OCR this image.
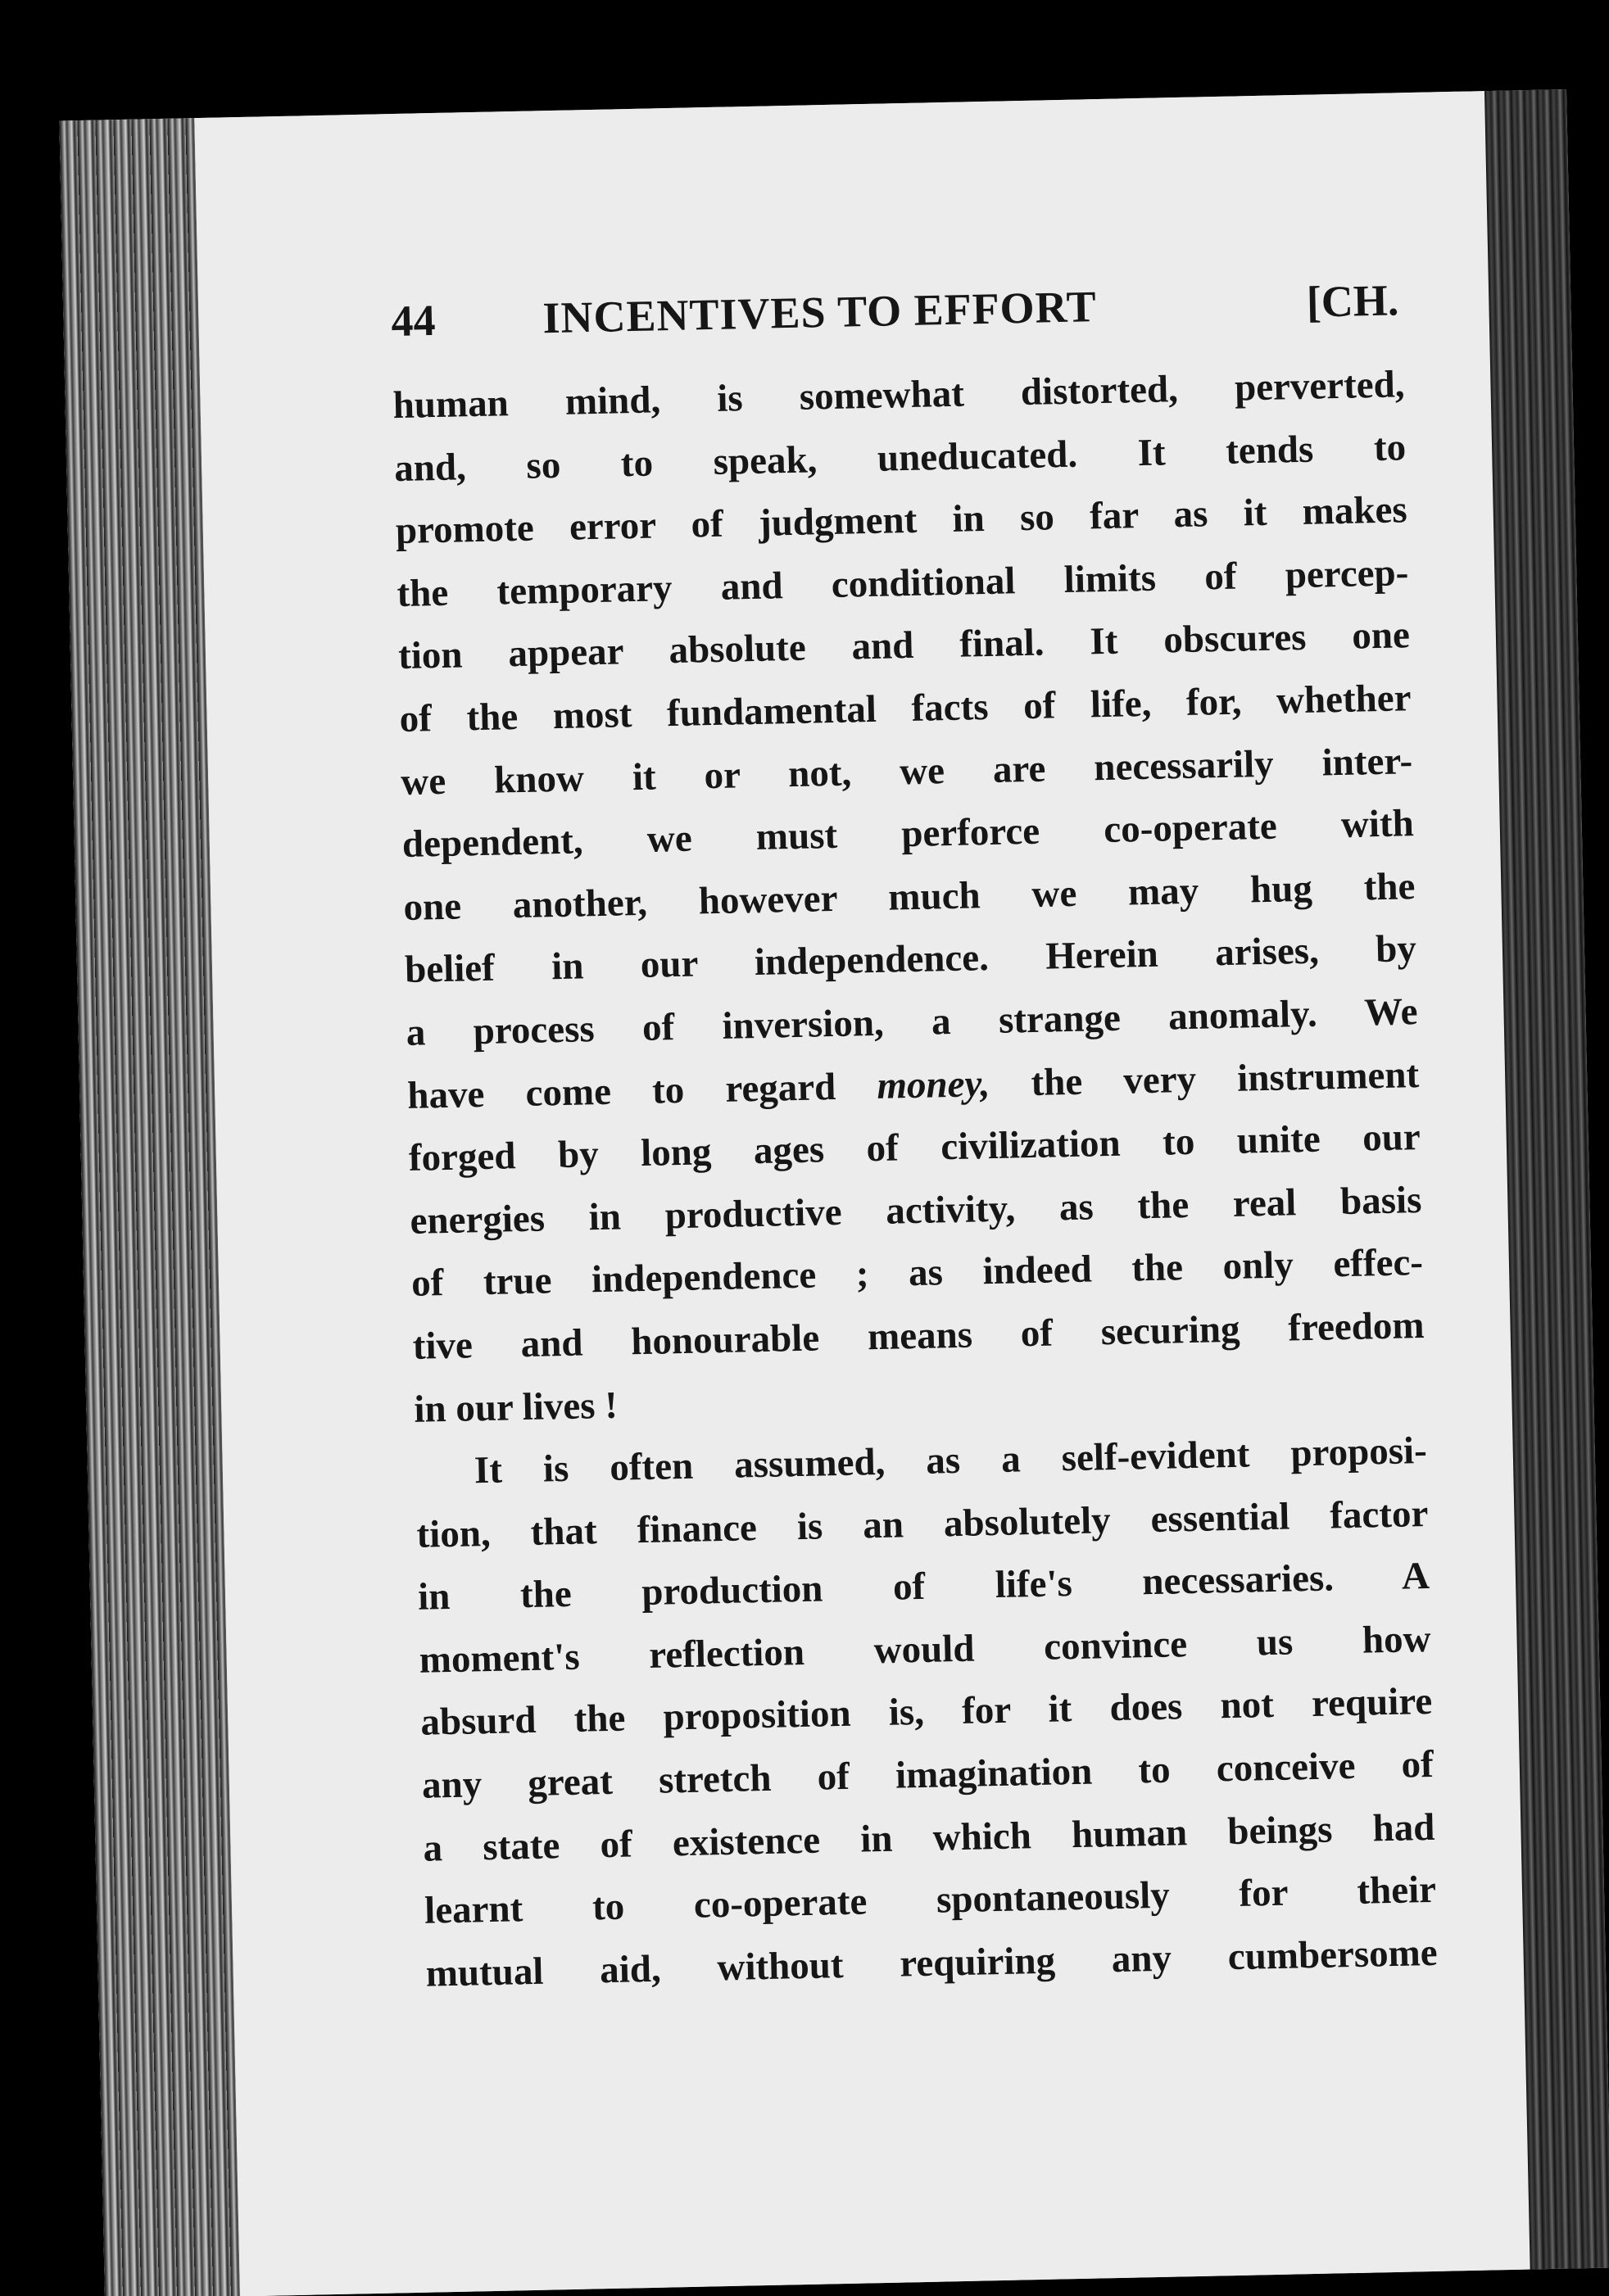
44 INCENTIVES TO EFFORT	[CH.
human mind, is somewhat distorted, perverted,
and, so to speak, uneducated. It tends to
promote error of judgment in so far as it makes
the temporary and conditional limits of percep-
tion appear absolute and final. It obscures one
of the most fundamental facts of life, for, whether
we know it or not, we are necessarily inter-
dependent, we must perforce co-operate with
one another, however much we may hug the
belief in our independence. Herein arises, by
a process of inversion, a strange anomaly. We
have come to regard money, the very instrument
forged by long ages of civilization to unite our
energies in productive activity, as the real basis
of true independence ; as indeed the only effec-
tive and honourable means of securing freedom
in our lives !
It is often assumed, as a self-evident proposi-
tion, that finance is an absolutely essential factor
in the production of life's necessaries. A
moment's reflection would convince us how
absurd the proposition is, for it does not require
any great stretch of imagination to conceive of
a state of existence in which human beings had
learnt to co-operate spontaneously for their
mutual aid, without requiring any cumbersome
